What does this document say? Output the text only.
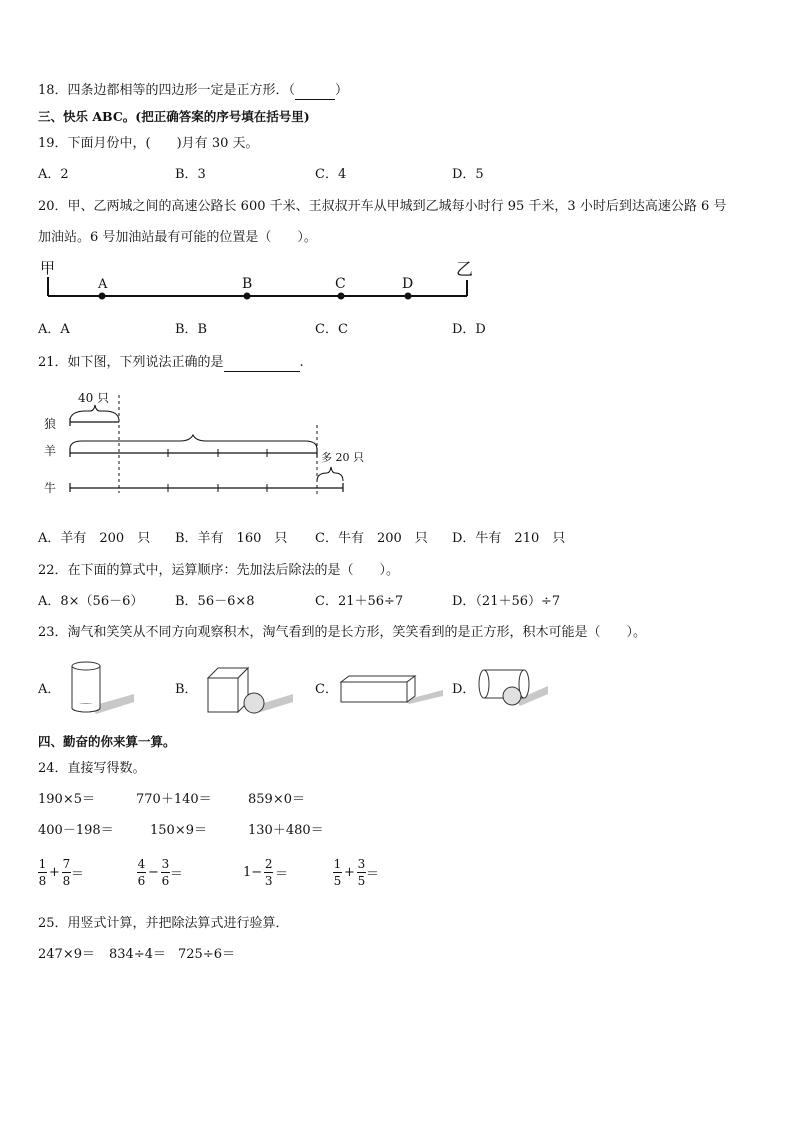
18．四条边都相等的四边形一定是正方形．（	）
三、快乐 ABC。(把正确答案的序号填在括号里)
19．下面月份中，(　　)月有 30 天。
A．2	B．3	C．4	D．5
20．甲、乙两城之间的高速公路长 600 千米、王叔叔开车从甲城到乙城每小时行 95 千米，3 小时后到达高速公路 6 号
加油站。6 号加油站最有可能的位置是（　　）。
甲	乙
A	B	C	D
A．A	B．B	C．C	D．D
21．如下图，下列说法正确的是	.
狼
羊
牛
40 只
多 20 只
A．羊有　200　只 B．羊有　160　只 C．牛有　200　只 D．牛有　210　只
22．在下面的算式中，运算顺序：先加法后除法的是（　　）。
A．8×（56－6） B．56－6×8	C．21＋56÷7	D．（21＋56）÷7
23．淘气和笑笑从不同方向观察积木，淘气看到的是长方形，笑笑看到的是正方形，积木可能是（　　）。
A．	B．	C．	D．
四、勤奋的你来算一算。
24．直接写得数。
190×5＝	770＋140＝	859×0＝
400－198＝	150×9＝	130＋480＝
$\frac{1}{8} + \frac{7}{8}$ ＝	$\frac{4}{6} - \frac{3}{6}$ ＝	$1- \frac{2}{3}$ ＝	$\frac{1}{5} + \frac{3}{5}$ ＝
25．用竖式计算，并把除法算式进行验算．
247×9＝ 834÷4＝ 725÷6＝
